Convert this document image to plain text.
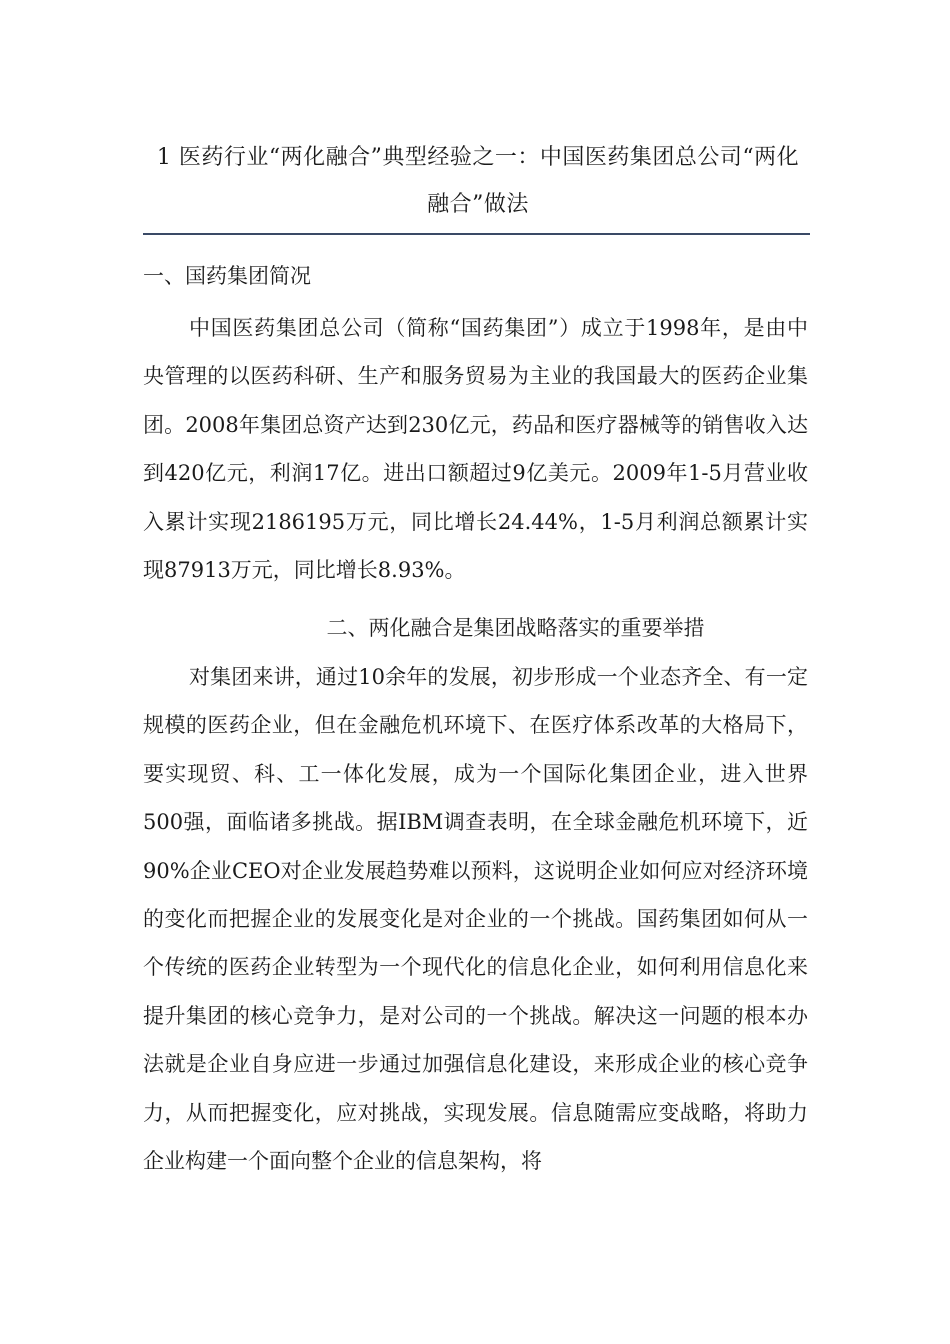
1 医药行业“两化融合”典型经验之一：中国医药集团总公司“两化融合”做法
一、国药集团简况

中国医药集团总公司（简称“国药集团”）成立于1998年，是由中央管理的以医药科研、生产和服务贸易为主业的我国最大的医药企业集团。2008年集团总资产达到230亿元，药品和医疗器械等的销售收入达到420亿元，利润17亿。进出口额超过9亿美元。2009年1-5月营业收入累计实现2186195万元，同比增长24.44%，1-5月利润总额累计实现87913万元，同比增长8.93%。

二、两化融合是集团战略落实的重要举措

对集团来讲，通过10余年的发展，初步形成一个业态齐全、有一定规模的医药企业，但在金融危机环境下、在医疗体系改革的大格局下，要实现贸、科、工一体化发展，成为一个国际化集团企业，进入世界500强，面临诸多挑战。据IBM调查表明，在全球金融危机环境下，近90%企业CEO对企业发展趋势难以预料，这说明企业如何应对经济环境的变化而把握企业的发展变化是对企业的一个挑战。国药集团如何从一个传统的医药企业转型为一个现代化的信息化企业，如何利用信息化来提升集团的核心竞争力，是对公司的一个挑战。解决这一问题的根本办法就是企业自身应进一步通过加强信息化建设，来形成企业的核心竞争力，从而把握变化，应对挑战，实现发展。信息随需应变战略，将助力企业构建一个面向整个企业的信息架构，将
